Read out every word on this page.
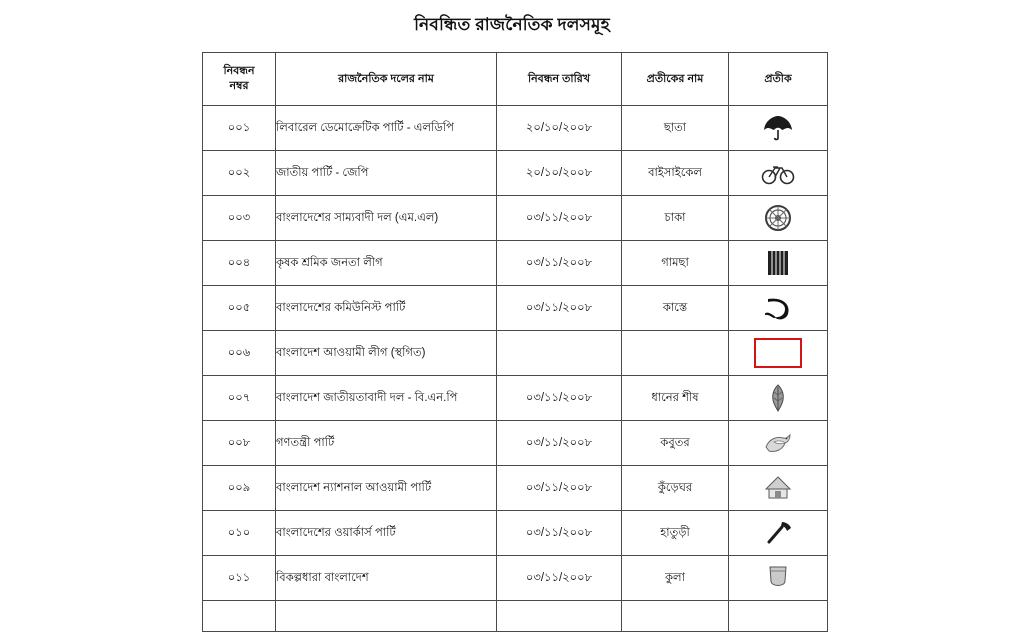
নিবন্ধিত রাজনৈতিক দলসমূহ
নিবন্ধন
নম্বর	রাজনৈতিক দলের নাম	নিবন্ধন তারিখ	প্রতীকের নাম	প্রতীক
০০১	লিবারেল ডেমোক্রেটিক পার্টি - এলডিপি	২০/১০/২০০৮	ছাতা	

০০২	জাতীয় পার্টি - জেপি	২০/১০/২০০৮	বাইসাইকেল	

০০৩	বাংলাদেশের সাম্যবাদী দল (এম.এল)	০৩/১১/২০০৮	চাকা	

০০৪	কৃষক শ্রমিক জনতা লীগ	০৩/১১/২০০৮	গামছা	

০০৫	বাংলাদেশের কমিউনিস্ট পার্টি	০৩/১১/২০০৮	কাস্তে	

০০৬	বাংলাদেশ আওয়ামী লীগ (স্থগিত)			

০০৭	বাংলাদেশ জাতীয়তাবাদী দল - বি.এন.পি	০৩/১১/২০০৮	ধানের শীষ	

০০৮	গণতন্ত্রী পার্টি	০৩/১১/২০০৮	কবুতর	

০০৯	বাংলাদেশ ন্যাশনাল আওয়ামী পার্টি	০৩/১১/২০০৮	কুঁড়েঘর	

০১০	বাংলাদেশের ওয়ার্কার্স পার্টি	০৩/১১/২০০৮	হাতুড়ী	

০১১	বিকল্পধারা বাংলাদেশ	০৩/১১/২০০৮	কুলা	
